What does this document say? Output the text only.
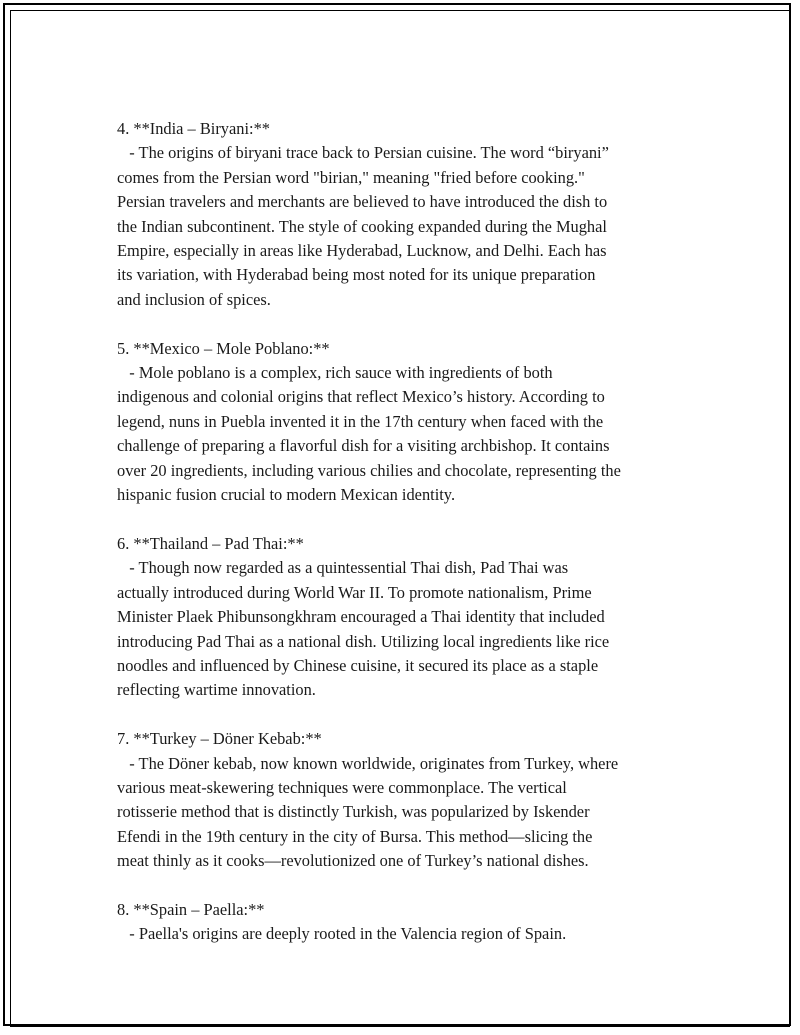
4. **India – Biryani:**
- The origins of biryani trace back to Persian cuisine. The word “biryani”
comes from the Persian word "birian," meaning "fried before cooking."
Persian travelers and merchants are believed to have introduced the dish to
the Indian subcontinent. The style of cooking expanded during the Mughal
Empire, especially in areas like Hyderabad, Lucknow, and Delhi. Each has
its variation, with Hyderabad being most noted for its unique preparation
and inclusion of spices.
5. **Mexico – Mole Poblano:**
- Mole poblano is a complex, rich sauce with ingredients of both
indigenous and colonial origins that reflect Mexico’s history. According to
legend, nuns in Puebla invented it in the 17th century when faced with the
challenge of preparing a flavorful dish for a visiting archbishop. It contains
over 20 ingredients, including various chilies and chocolate, representing the
hispanic fusion crucial to modern Mexican identity.
6. **Thailand – Pad Thai:**
- Though now regarded as a quintessential Thai dish, Pad Thai was
actually introduced during World War II. To promote nationalism, Prime
Minister Plaek Phibunsongkhram encouraged a Thai identity that included
introducing Pad Thai as a national dish. Utilizing local ingredients like rice
noodles and influenced by Chinese cuisine, it secured its place as a staple
reflecting wartime innovation.
7. **Turkey – Döner Kebab:**
- The Döner kebab, now known worldwide, originates from Turkey, where
various meat-skewering techniques were commonplace. The vertical
rotisserie method that is distinctly Turkish, was popularized by Iskender
Efendi in the 19th century in the city of Bursa. This method—slicing the
meat thinly as it cooks—revolutionized one of Turkey’s national dishes.
8. **Spain – Paella:**
- Paella's origins are deeply rooted in the Valencia region of Spain.
